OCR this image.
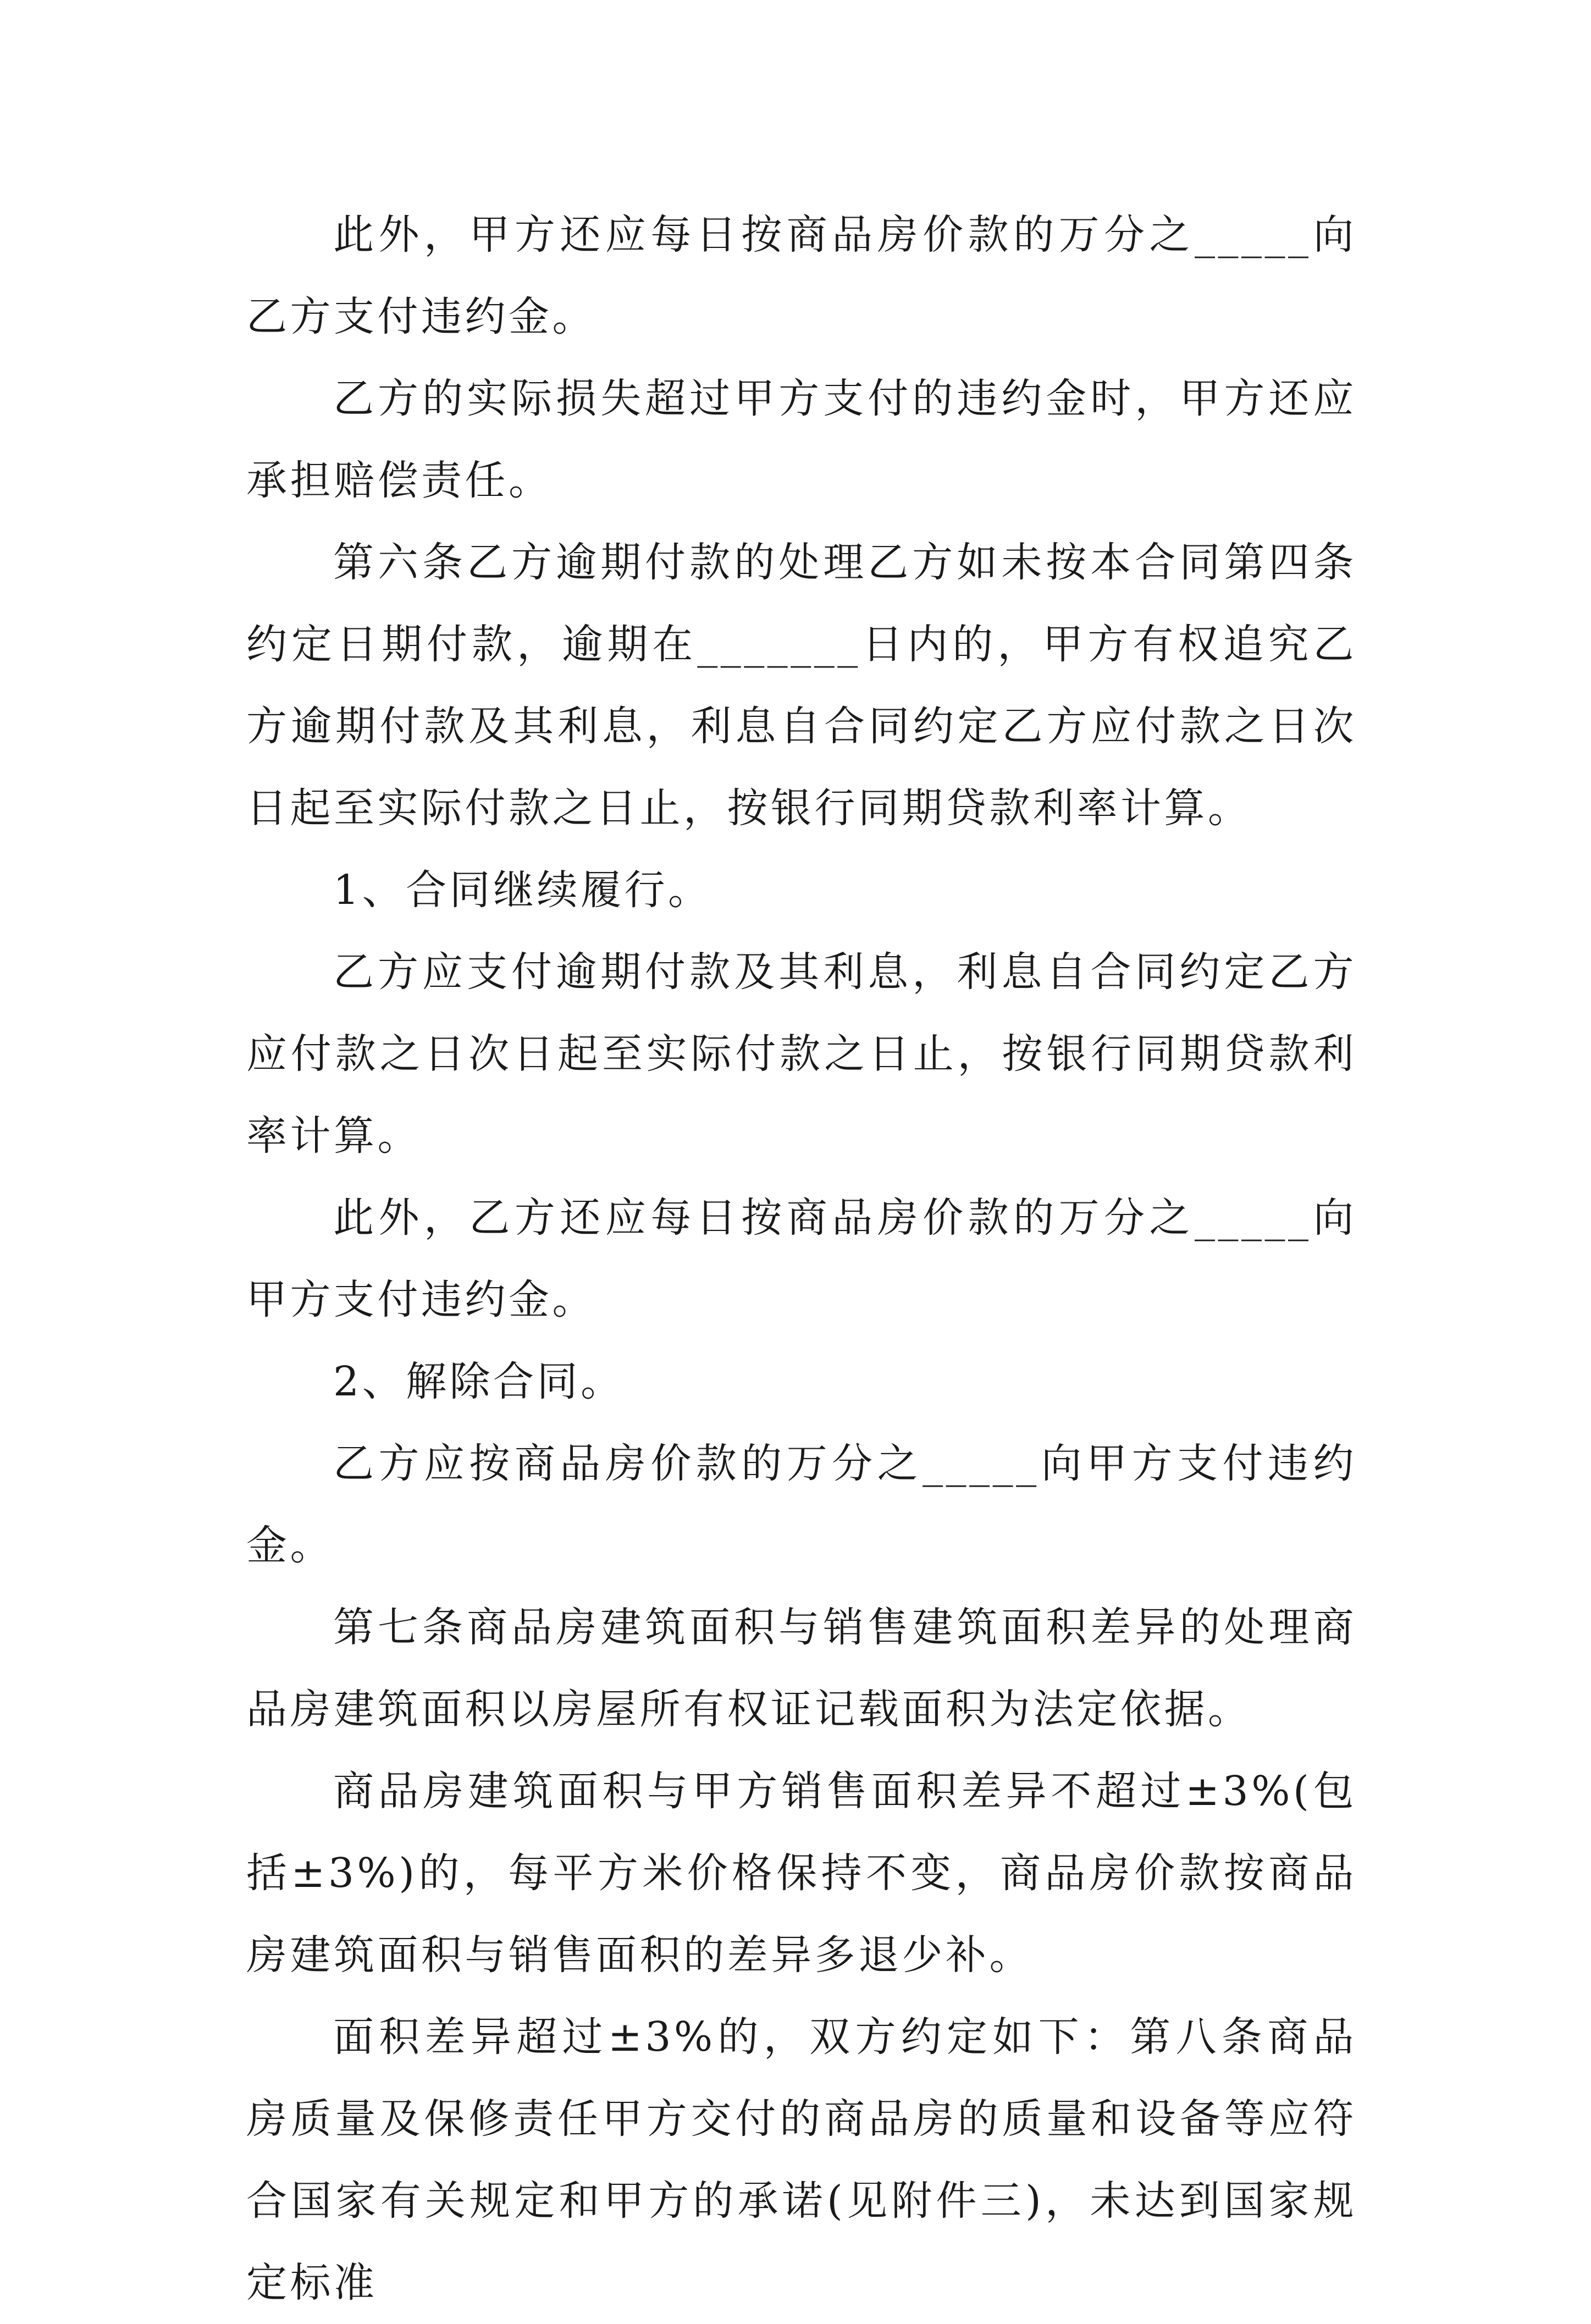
此外，甲方还应每日按商品房价款的万分之_____向乙方支付违约金。

乙方的实际损失超过甲方支付的违约金时，甲方还应承担赔偿责任。

第六条乙方逾期付款的处理乙方如未按本合同第四条约定日期付款，逾期在_______日内的，甲方有权追究乙方逾期付款及其利息，利息自合同约定乙方应付款之日次日起至实际付款之日止，按银行同期贷款利率计算。

1、合同继续履行。

乙方应支付逾期付款及其利息，利息自合同约定乙方应付款之日次日起至实际付款之日止，按银行同期贷款利率计算。

此外，乙方还应每日按商品房价款的万分之_____向甲方支付违约金。

2、解除合同。

乙方应按商品房价款的万分之_____向甲方支付违约金。

第七条商品房建筑面积与销售建筑面积差异的处理商品房建筑面积以房屋所有权证记载面积为法定依据。

商品房建筑面积与甲方销售面积差异不超过±3%(包括±3%)的，每平方米价格保持不变，商品房价款按商品房建筑面积与销售面积的差异多退少补。

面积差异超过±3%的，双方约定如下：第八条商品房质量及保修责任甲方交付的商品房的质量和设备等应符合国家有关规定和甲方的承诺(见附件三)，未达到国家规定标准
